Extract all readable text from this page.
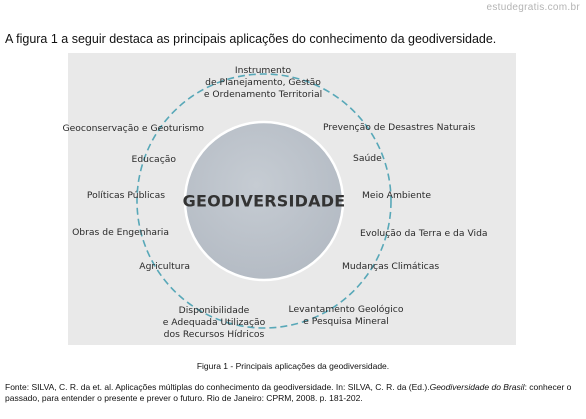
estudegratis.com.br
A figura 1 a seguir destaca as principais aplicações do conhecimento da geodiversidade.
GEODIVERSIDADE
Instrumento
de Planejamento, Gestão
e Ordenamento Territorial
Prevenção de Desastres Naturais
Saúde
Meio Ambiente
Evolução da Terra e da Vida
Mudanças Climáticas
Levantamento Geológico
e Pesquisa Mineral
Disponibilidade
e Adequada Utilização
dos Recursos Hídricos
Agricultura
Obras de Engenharia
Políticas Públicas
Educação
Geoconservação e Geoturismo
Figura 1 - Principais aplicações da geodiversidade.
Fonte: SILVA, C. R. da et. al. Aplicações múltiplas do conhecimento da geodiversidade. In: SILVA, C. R. da (Ed.).Geodiversidade do Brasil: conhecer o passado, para entender o presente e prever o futuro. Rio de Janeiro: CPRM, 2008. p. 181-202.
